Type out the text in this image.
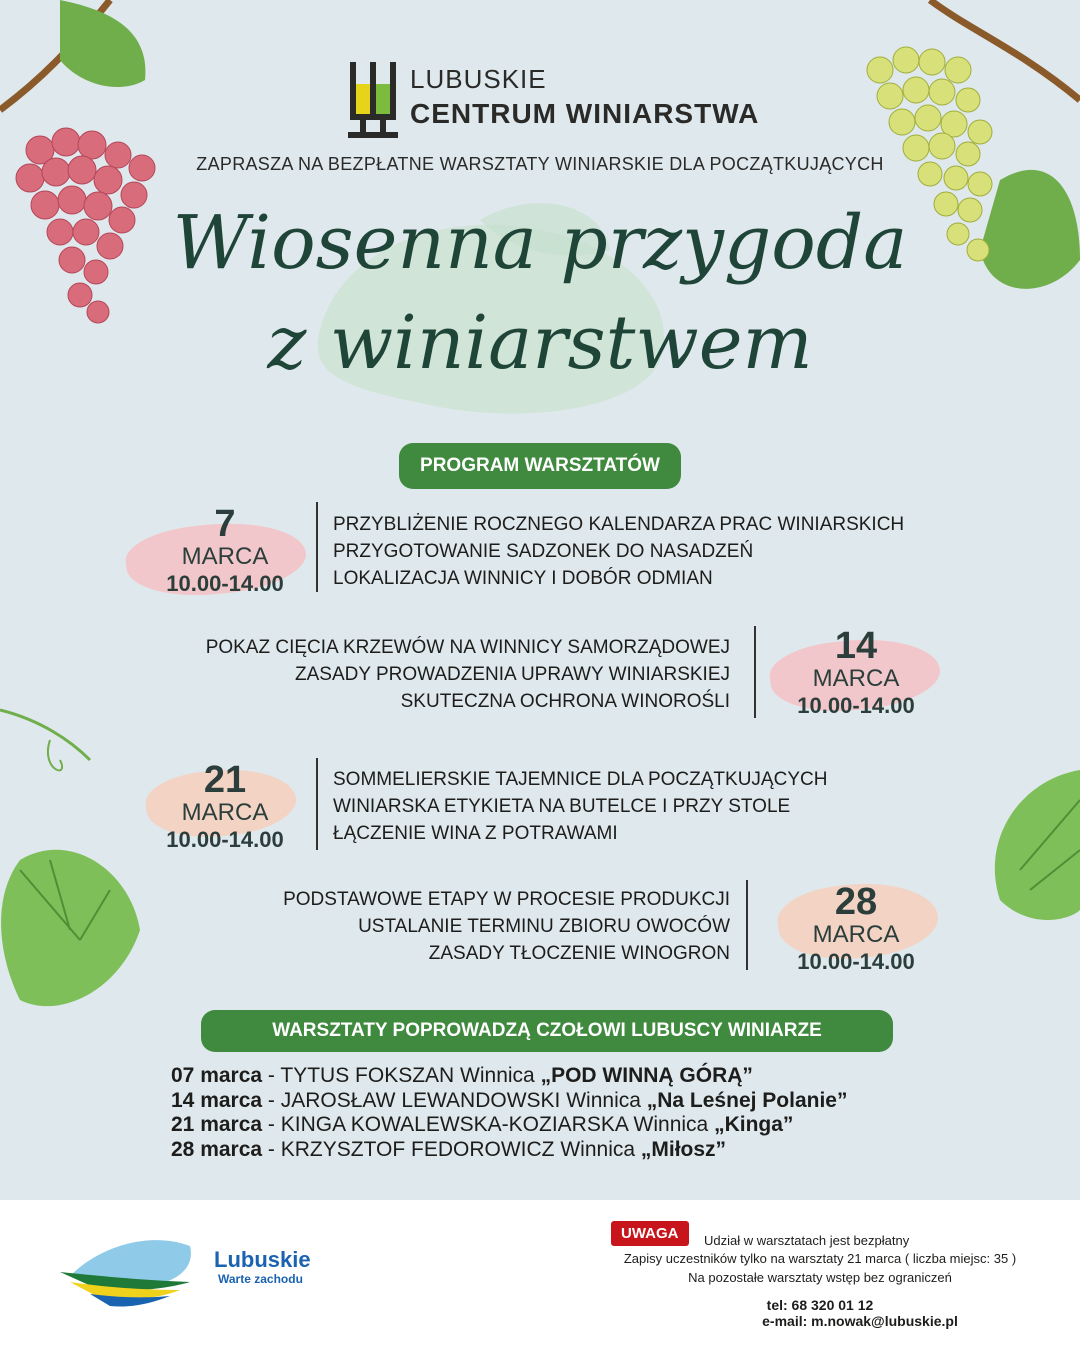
LUBUSKIE
CENTRUM WINIARSTWA
ZAPRASZA NA BEZPŁATNE WARSZTATY WINIARSKIE DLA POCZĄTKUJĄCYCH
Wiosenna przygoda
z winiarstwem
PROGRAM WARSZTATÓW
7
MARCA
10.00-14.00
PRZYBLIŻENIE ROCZNEGO KALENDARZA PRAC WINIARSKICH
PRZYGOTOWANIE SADZONEK DO NASADZEŃ
LOKALIZACJA WINNICY I DOBÓR ODMIAN
POKAZ CIĘCIA KRZEWÓW NA WINNICY SAMORZĄDOWEJ
ZASADY PROWADZENIA UPRAWY WINIARSKIEJ
SKUTECZNA OCHRONA WINOROŚLI
14
MARCA
10.00-14.00
21
MARCA
10.00-14.00
SOMMELIERSKIE TAJEMNICE DLA POCZĄTKUJĄCYCH
WINIARSKA ETYKIETA NA BUTELCE I PRZY STOLE
ŁĄCZENIE WINA Z POTRAWAMI
PODSTAWOWE ETAPY W PROCESIE PRODUKCJI
USTALANIE TERMINU ZBIORU OWOCÓW
ZASADY TŁOCZENIE WINOGRON
28
MARCA
10.00-14.00
WARSZTATY POPROWADZĄ CZOŁOWI LUBUSCY WINIARZE
07 marca - TYTUS FOKSZAN Winnica „POD WINNĄ GÓRĄ”
14 marca - JAROSŁAW LEWANDOWSKI Winnica „Na Leśnej Polanie”
21 marca - KINGA KOWALEWSKA-KOZIARSKA Winnica „Kinga”
28 marca - KRZYSZTOF FEDOROWICZ Winnica „Miłosz”
Lubuskie
Warte zachodu
UWAGA	Udział w warsztatach jest bezpłatny
Zapisy uczestników tylko na warsztaty 21 marca ( liczba miejsc: 35 )
Na pozostałe warsztaty wstęp bez ograniczeń
tel: 68 320 01 12
e-mail: m.nowak@lubuskie.pl
